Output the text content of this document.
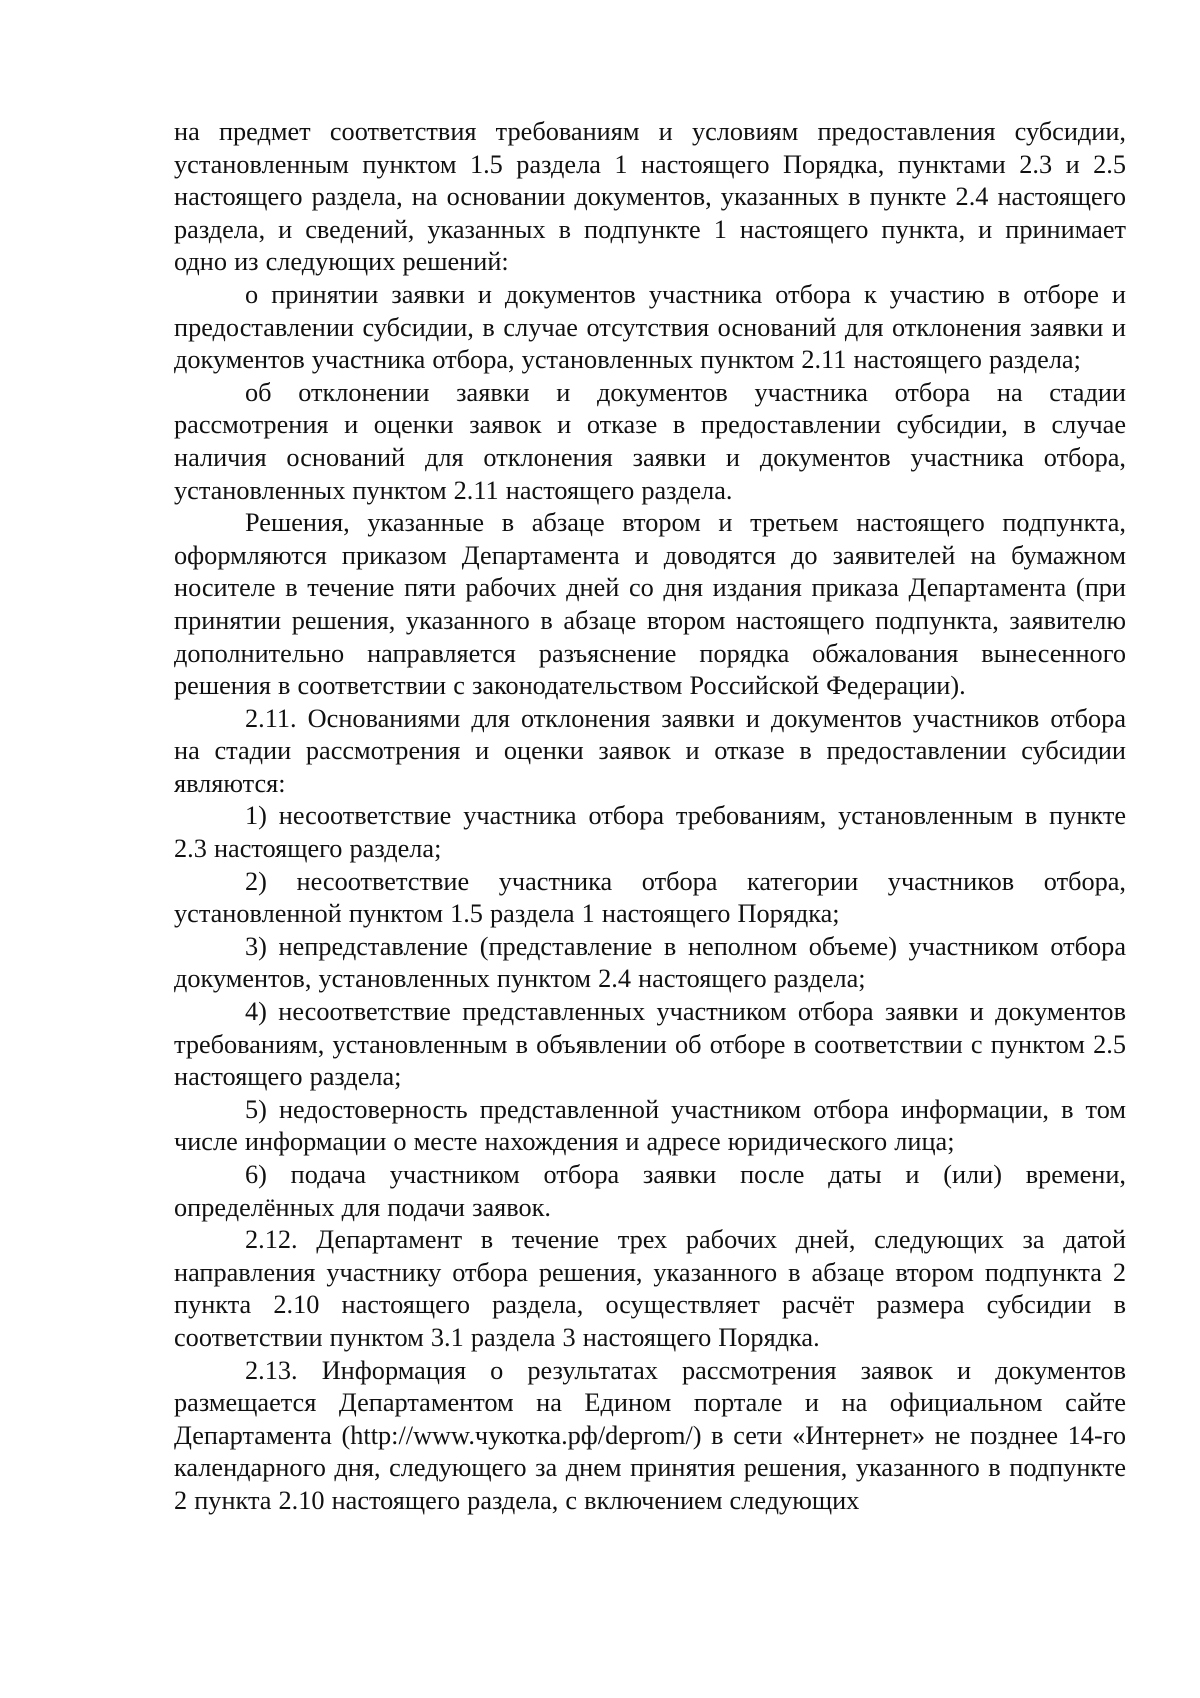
на предмет соответствия требованиям и условиям предоставления субсидии, установленным пунктом 1.5 раздела 1 настоящего Порядка, пунктами 2.3 и 2.5 настоящего раздела, на основании документов, указанных в пункте 2.4 настоящего раздела, и сведений, указанных в подпункте 1 настоящего пункта, и принимает одно из следующих решений:

о принятии заявки и документов участника отбора к участию в отборе и предоставлении субсидии, в случае отсутствия оснований для отклонения заявки и документов участника отбора, установленных пунктом 2.11 настоящего раздела;

об отклонении заявки и документов участника отбора на стадии рассмотрения и оценки заявок и отказе в предоставлении субсидии, в случае наличия оснований для отклонения заявки и документов участника отбора, установленных пунктом 2.11 настоящего раздела.

Решения, указанные в абзаце втором и третьем настоящего подпункта, оформляются приказом Департамента и доводятся до заявителей на бумажном носителе в течение пяти рабочих дней со дня издания приказа Департамента (при принятии решения, указанного в абзаце втором настоящего подпункта, заявителю дополнительно направляется разъяснение порядка обжалования вынесенного решения в соответствии с законодательством Российской Федерации).

2.11. Основаниями для отклонения заявки и документов участников отбора на стадии рассмотрения и оценки заявок и отказе в предоставлении субсидии являются:

1) несоответствие участника отбора требованиям, установленным в пункте 2.3 настоящего раздела;

2) несоответствие участника отбора категории участников отбора, установленной пунктом 1.5 раздела 1 настоящего Порядка;

3) непредставление (представление в неполном объеме) участником отбора документов, установленных пунктом 2.4 настоящего раздела;

4) несоответствие представленных участником отбора заявки и документов требованиям, установленным в объявлении об отборе в соответствии с пунктом 2.5 настоящего раздела;

5) недостоверность представленной участником отбора информации, в том числе информации о месте нахождения и адресе юридического лица;

6) подача участником отбора заявки после даты и (или) времени, определённых для подачи заявок.

2.12. Департамент в течение трех рабочих дней, следующих за датой направления участнику отбора решения, указанного в абзаце втором подпункта 2 пункта 2.10 настоящего раздела, осуществляет расчёт размера субсидии в соответствии пунктом 3.1 раздела 3 настоящего Порядка.

2.13. Информация о результатах рассмотрения заявок и документов размещается Департаментом на Едином портале и на официальном сайте Департамента (http://www.чукотка.рф/deprom/) в сети «Интернет» не позднее 14-го календарного дня, следующего за днем принятия решения, указанного в подпункте 2 пункта 2.10 настоящего раздела, с включением следующих
